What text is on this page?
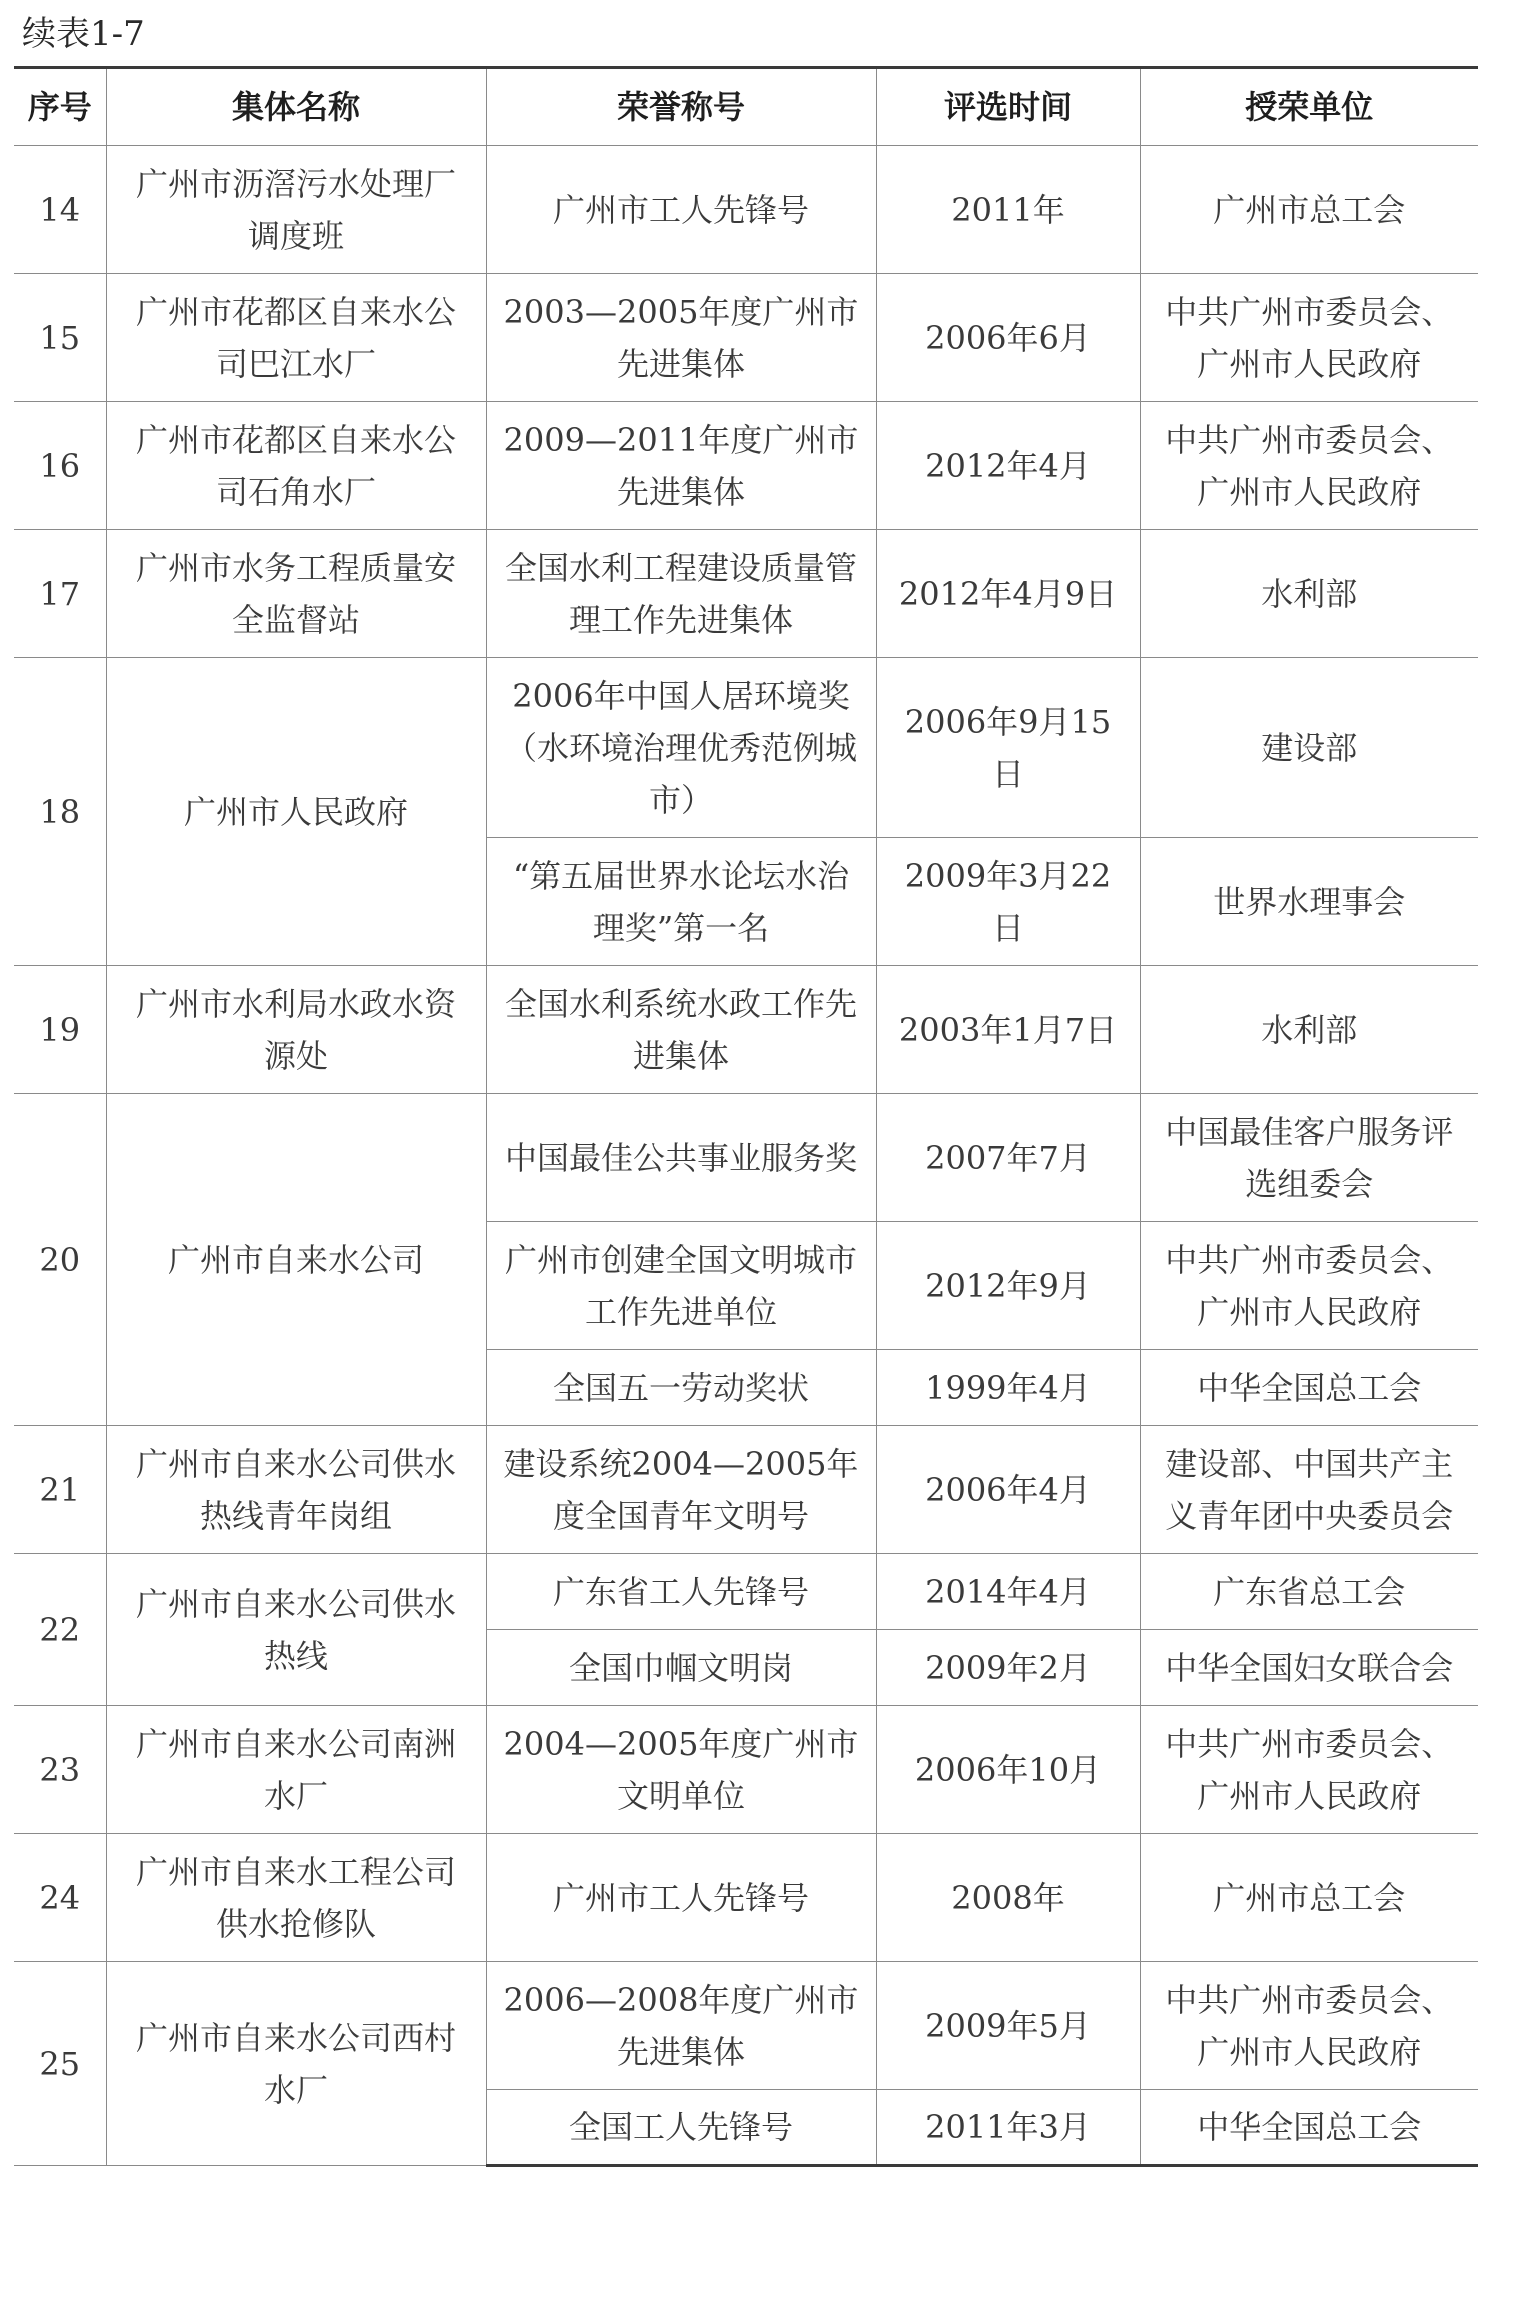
续表1-7
序号	集体名称	荣誉称号	评选时间	授荣单位
14	广州市沥滘污水处理厂调度班	广州市工人先锋号	2011年	广州市总工会
15	广州市花都区自来水公司巴江水厂	2003—2005年度广州市先进集体	2006年6月	中共广州市委员会、广州市人民政府
16	广州市花都区自来水公司石角水厂	2009—2011年度广州市先进集体	2012年4月	中共广州市委员会、广州市人民政府
17	广州市水务工程质量安全监督站	全国水利工程建设质量管理工作先进集体	2012年4月9日	水利部
18	广州市人民政府	2006年中国人居环境奖（水环境治理优秀范例城市）	2006年9月15日	建设部
		“第五届世界水论坛水治理奖”第一名	2009年3月22日	世界水理事会
19	广州市水利局水政水资源处	全国水利系统水政工作先进集体	2003年1月7日	水利部
20	广州市自来水公司	中国最佳公共事业服务奖	2007年7月	中国最佳客户服务评选组委会
		广州市创建全国文明城市工作先进单位	2012年9月	中共广州市委员会、广州市人民政府
		全国五一劳动奖状	1999年4月	中华全国总工会
21	广州市自来水公司供水热线青年岗组	建设系统2004—2005年度全国青年文明号	2006年4月	建设部、中国共产主义青年团中央委员会
22	广州市自来水公司供水热线	广东省工人先锋号	2014年4月	广东省总工会
		全国巾帼文明岗	2009年2月	中华全国妇女联合会
23	广州市自来水公司南洲水厂	2004—2005年度广州市文明单位	2006年10月	中共广州市委员会、广州市人民政府
24	广州市自来水工程公司供水抢修队	广州市工人先锋号	2008年	广州市总工会
25	广州市自来水公司西村水厂	2006—2008年度广州市先进集体	2009年5月	中共广州市委员会、广州市人民政府
		全国工人先锋号	2011年3月	中华全国总工会
